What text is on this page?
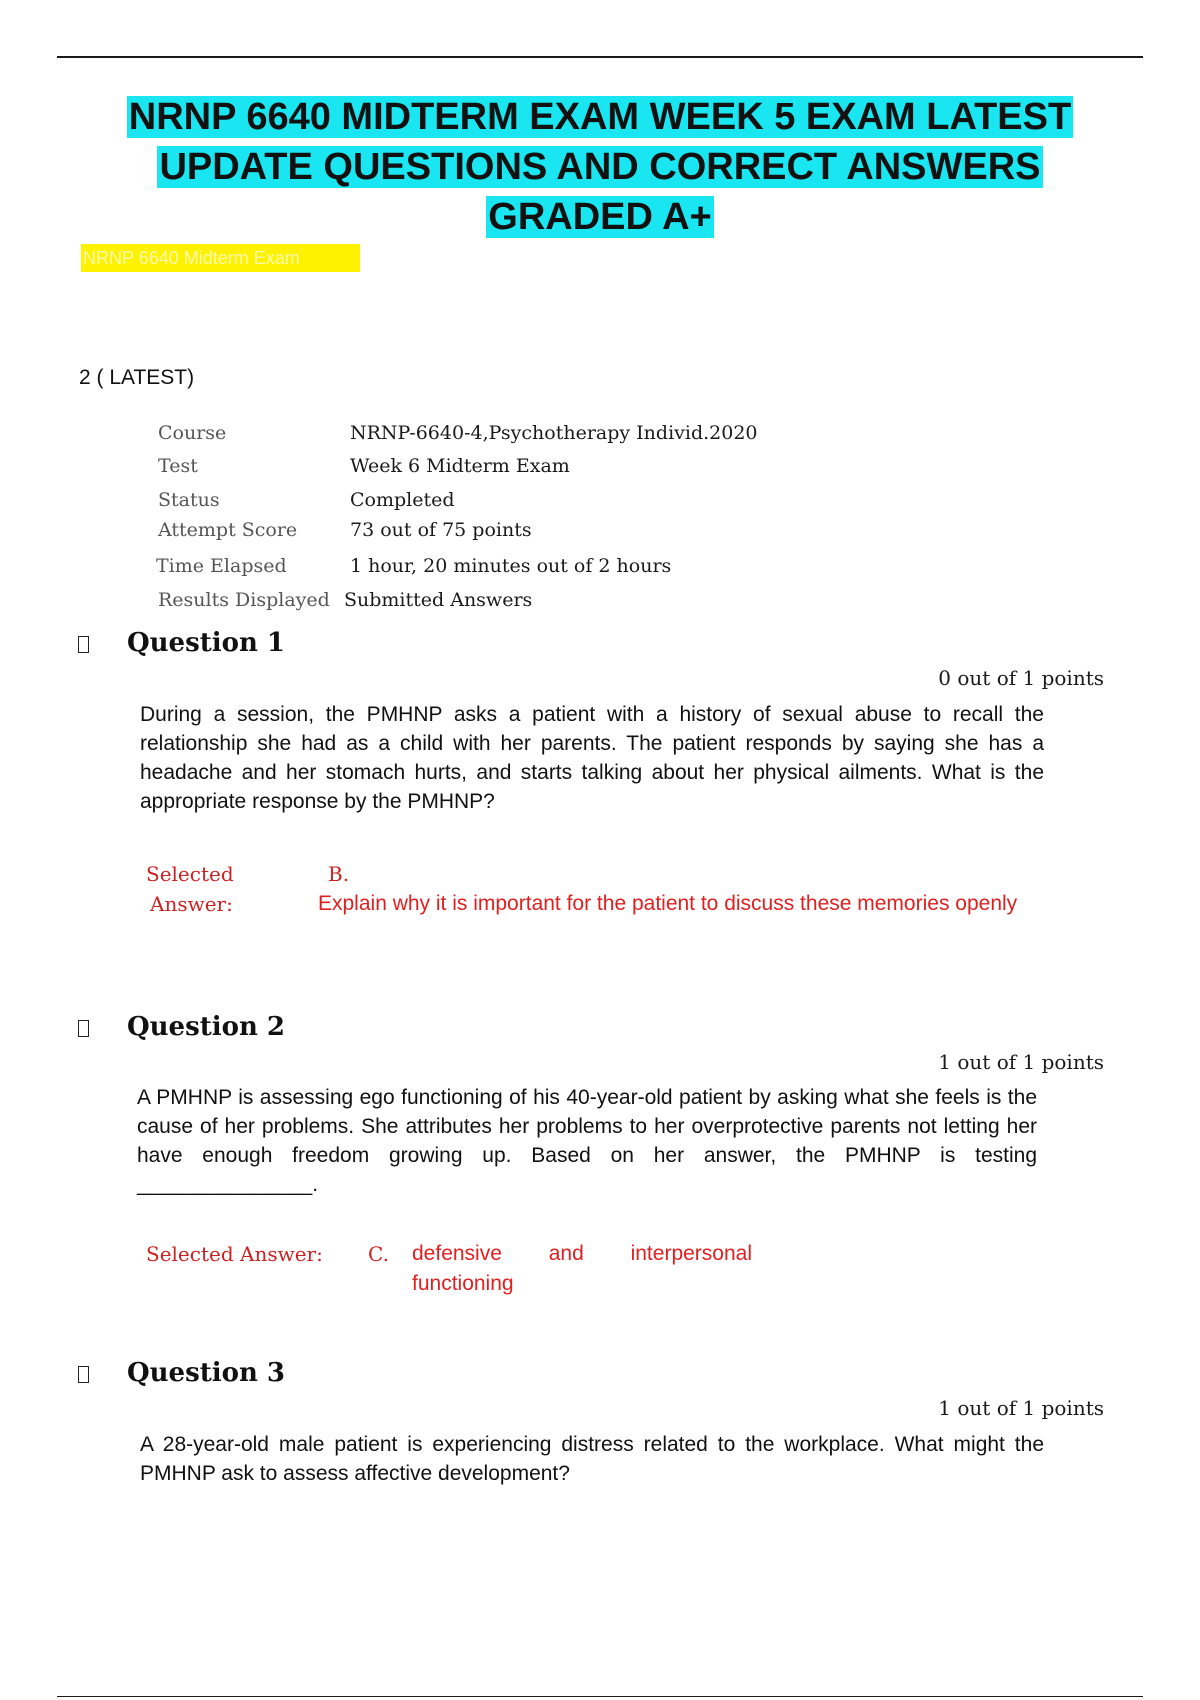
NRNP 6640 MIDTERM EXAM WEEK 5 EXAM LATEST
UPDATE QUESTIONS AND CORRECT ANSWERS
GRADED A+
NRNP 6640 Midterm Exam
2 ( LATEST)
Course	NRNP-6640-4,Psychotherapy Individ.2020
Test	Week 6 Midterm Exam
Status	Completed
Attempt Score	73 out of 75 points
Time Elapsed	1 hour, 20 minutes out of 2 hours
Results Displayed Submitted Answers
Question 1
0 out of 1 points
During a session, the PMHNP asks a patient with a history of sexual abuse to recall the relationship she had as a child with her parents. The patient responds by saying she has a headache and her stomach hurts, and starts talking about her physical ailments. What is the appropriate response by the PMHNP?
Selected
Answer:
B.
Explain why it is important for the patient to discuss these memories openly
Question 2
1 out of 1 points
A PMHNP is assessing ego functioning of his 40-year-old patient by asking what she feels is the cause of her problems. She attributes her problems to her overprotective parents not letting her have enough freedom growing up. Based on her answer, the PMHNP is testing _______________.
Selected Answer: C. defensive and interpersonal functioning
Question 3
1 out of 1 points
A 28-year-old male patient is experiencing distress related to the workplace. What might the PMHNP ask to assess affective development?
